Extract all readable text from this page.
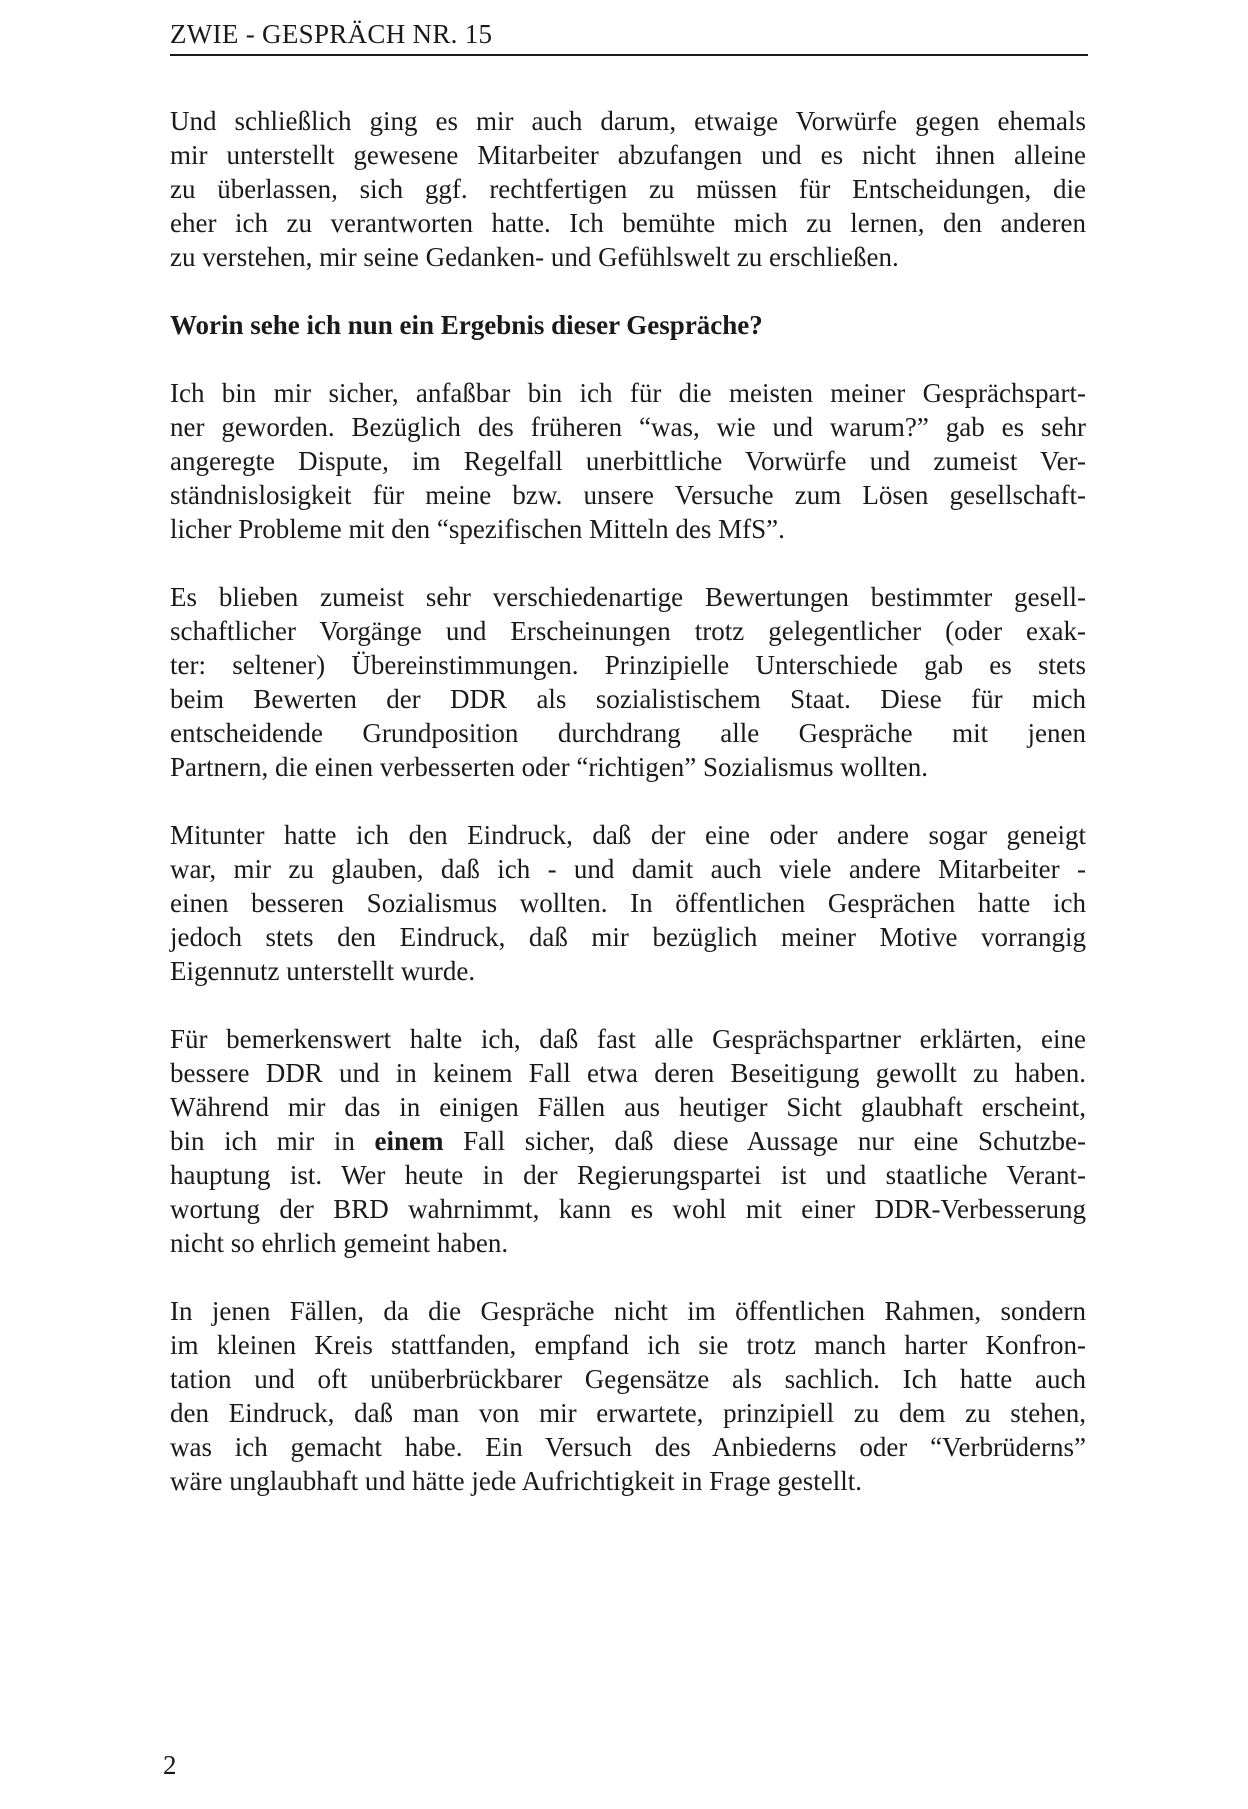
ZWIE - GESPRÄCH NR. 15
Und schließlich ging es mir auch darum, etwaige Vorwürfe gegen ehemals
mir unterstellt gewesene Mitarbeiter abzufangen und es nicht ihnen alleine
zu überlassen, sich ggf. rechtfertigen zu müssen für Entscheidungen, die
eher ich zu verantworten hatte. Ich bemühte mich zu lernen, den anderen
zu verstehen, mir seine Gedanken- und Gefühlswelt zu erschließen.
Worin sehe ich nun ein Ergebnis dieser Gespräche?
Ich bin mir sicher, anfaßbar bin ich für die meisten meiner Gesprächspart-
ner geworden. Bezüglich des früheren “was, wie und warum?” gab es sehr
angeregte Dispute, im Regelfall unerbittliche Vorwürfe und zumeist Ver-
ständnislosigkeit für meine bzw. unsere Versuche zum Lösen gesellschaft-
licher Probleme mit den “spezifischen Mitteln des MfS”.
Es blieben zumeist sehr verschiedenartige Bewertungen bestimmter gesell-
schaftlicher Vorgänge und Erscheinungen trotz gelegentlicher (oder exak-
ter: seltener) Übereinstimmungen. Prinzipielle Unterschiede gab es stets
beim Bewerten der DDR als sozialistischem Staat. Diese für mich
entscheidende Grundposition durchdrang alle Gespräche mit jenen
Partnern, die einen verbesserten oder “richtigen” Sozialismus wollten.
Mitunter hatte ich den Eindruck, daß der eine oder andere sogar geneigt
war, mir zu glauben, daß ich - und damit auch viele andere Mitarbeiter -
einen besseren Sozialismus wollten. In öffentlichen Gesprächen hatte ich
jedoch stets den Eindruck, daß mir bezüglich meiner Motive vorrangig
Eigennutz unterstellt wurde.
Für bemerkenswert halte ich, daß fast alle Gesprächspartner erklärten, eine
bessere DDR und in keinem Fall etwa deren Beseitigung gewollt zu haben.
Während mir das in einigen Fällen aus heutiger Sicht glaubhaft erscheint,
bin ich mir in einem Fall sicher, daß diese Aussage nur eine Schutzbe-
hauptung ist. Wer heute in der Regierungspartei ist und staatliche Verant-
wortung der BRD wahrnimmt, kann es wohl mit einer DDR-Verbesserung
nicht so ehrlich gemeint haben.
In jenen Fällen, da die Gespräche nicht im öffentlichen Rahmen, sondern
im kleinen Kreis stattfanden, empfand ich sie trotz manch harter Konfron-
tation und oft unüberbrückbarer Gegensätze als sachlich. Ich hatte auch
den Eindruck, daß man von mir erwartete, prinzipiell zu dem zu stehen,
was ich gemacht habe. Ein Versuch des Anbiederns oder “Verbrüderns”
wäre unglaubhaft und hätte jede Aufrichtigkeit in Frage gestellt.
2
